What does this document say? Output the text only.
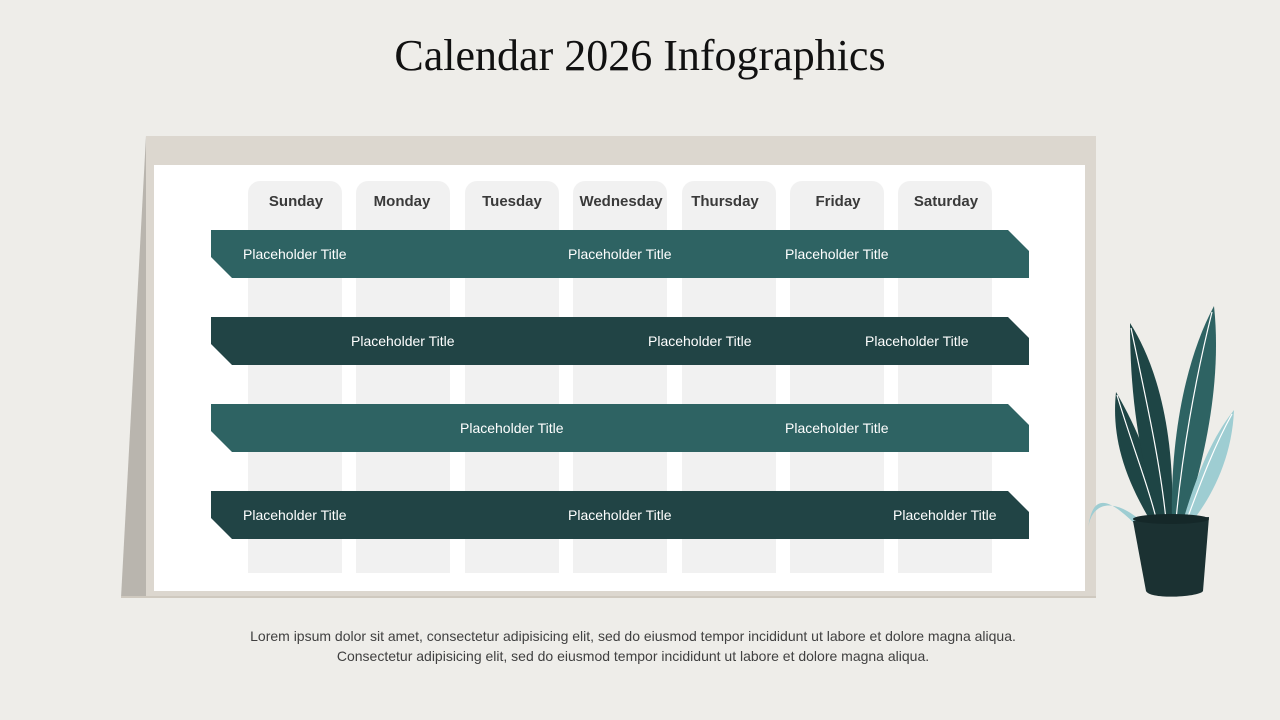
Calendar 2026 Infographics
Sunday	Monday	Tuesday	Wednesday	Thursday	Friday	Saturday
Placeholder Title	Placeholder Title	Placeholder Title
Placeholder Title	Placeholder Title	Placeholder Title
Placeholder Title	Placeholder Title
Placeholder Title	Placeholder Title	Placeholder Title
Lorem ipsum dolor sit amet, consectetur adipisicing elit, sed do eiusmod tempor incididunt ut labore et dolore magna aliqua.
Consectetur adipisicing elit, sed do eiusmod tempor incididunt ut labore et dolore magna aliqua.
